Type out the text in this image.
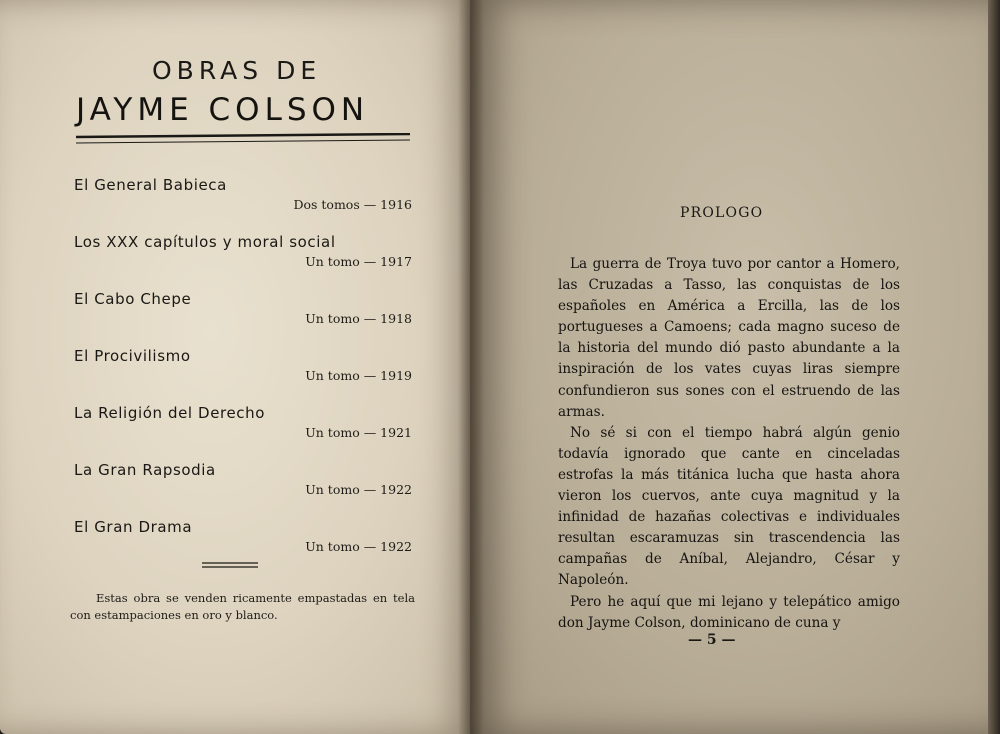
OBRAS DE
JAYME COLSON
El General Babieca
Dos tomos — 1916
Los XXX capítulos y moral social
Un tomo — 1917
El Cabo Chepe
Un tomo — 1918
El Procivilismo
Un tomo — 1919
La Religión del Derecho
Un tomo — 1921
La Gran Rapsodia
Un tomo — 1922
El Gran Drama
Un tomo — 1922
Estas obra se venden ricamente empastadas en tela con estampaciones en oro y blanco.
PROLOGO

La guerra de Troya tuvo por cantor a Homero, las Cruzadas a Tasso, las conquistas de los españoles en América a Ercilla, las de los portugueses a Camoens; cada magno suceso de la historia del mundo dió pasto abundante a la inspiración de los vates cuyas liras siempre confundieron sus sones con el estruendo de las armas.

No sé si con el tiempo habrá algún genio todavía ignorado que cante en cinceladas estrofas la más titánica lucha que hasta ahora vieron los cuervos, ante cuya magnitud y la infinidad de hazañas colectivas e individuales resultan escaramuzas sin trascendencia las campañas de Aníbal, Alejandro, César y Napoleón.

Pero he aquí que mi lejano y telepático amigo don Jayme Colson, dominicano de cuna y

— 5 —
